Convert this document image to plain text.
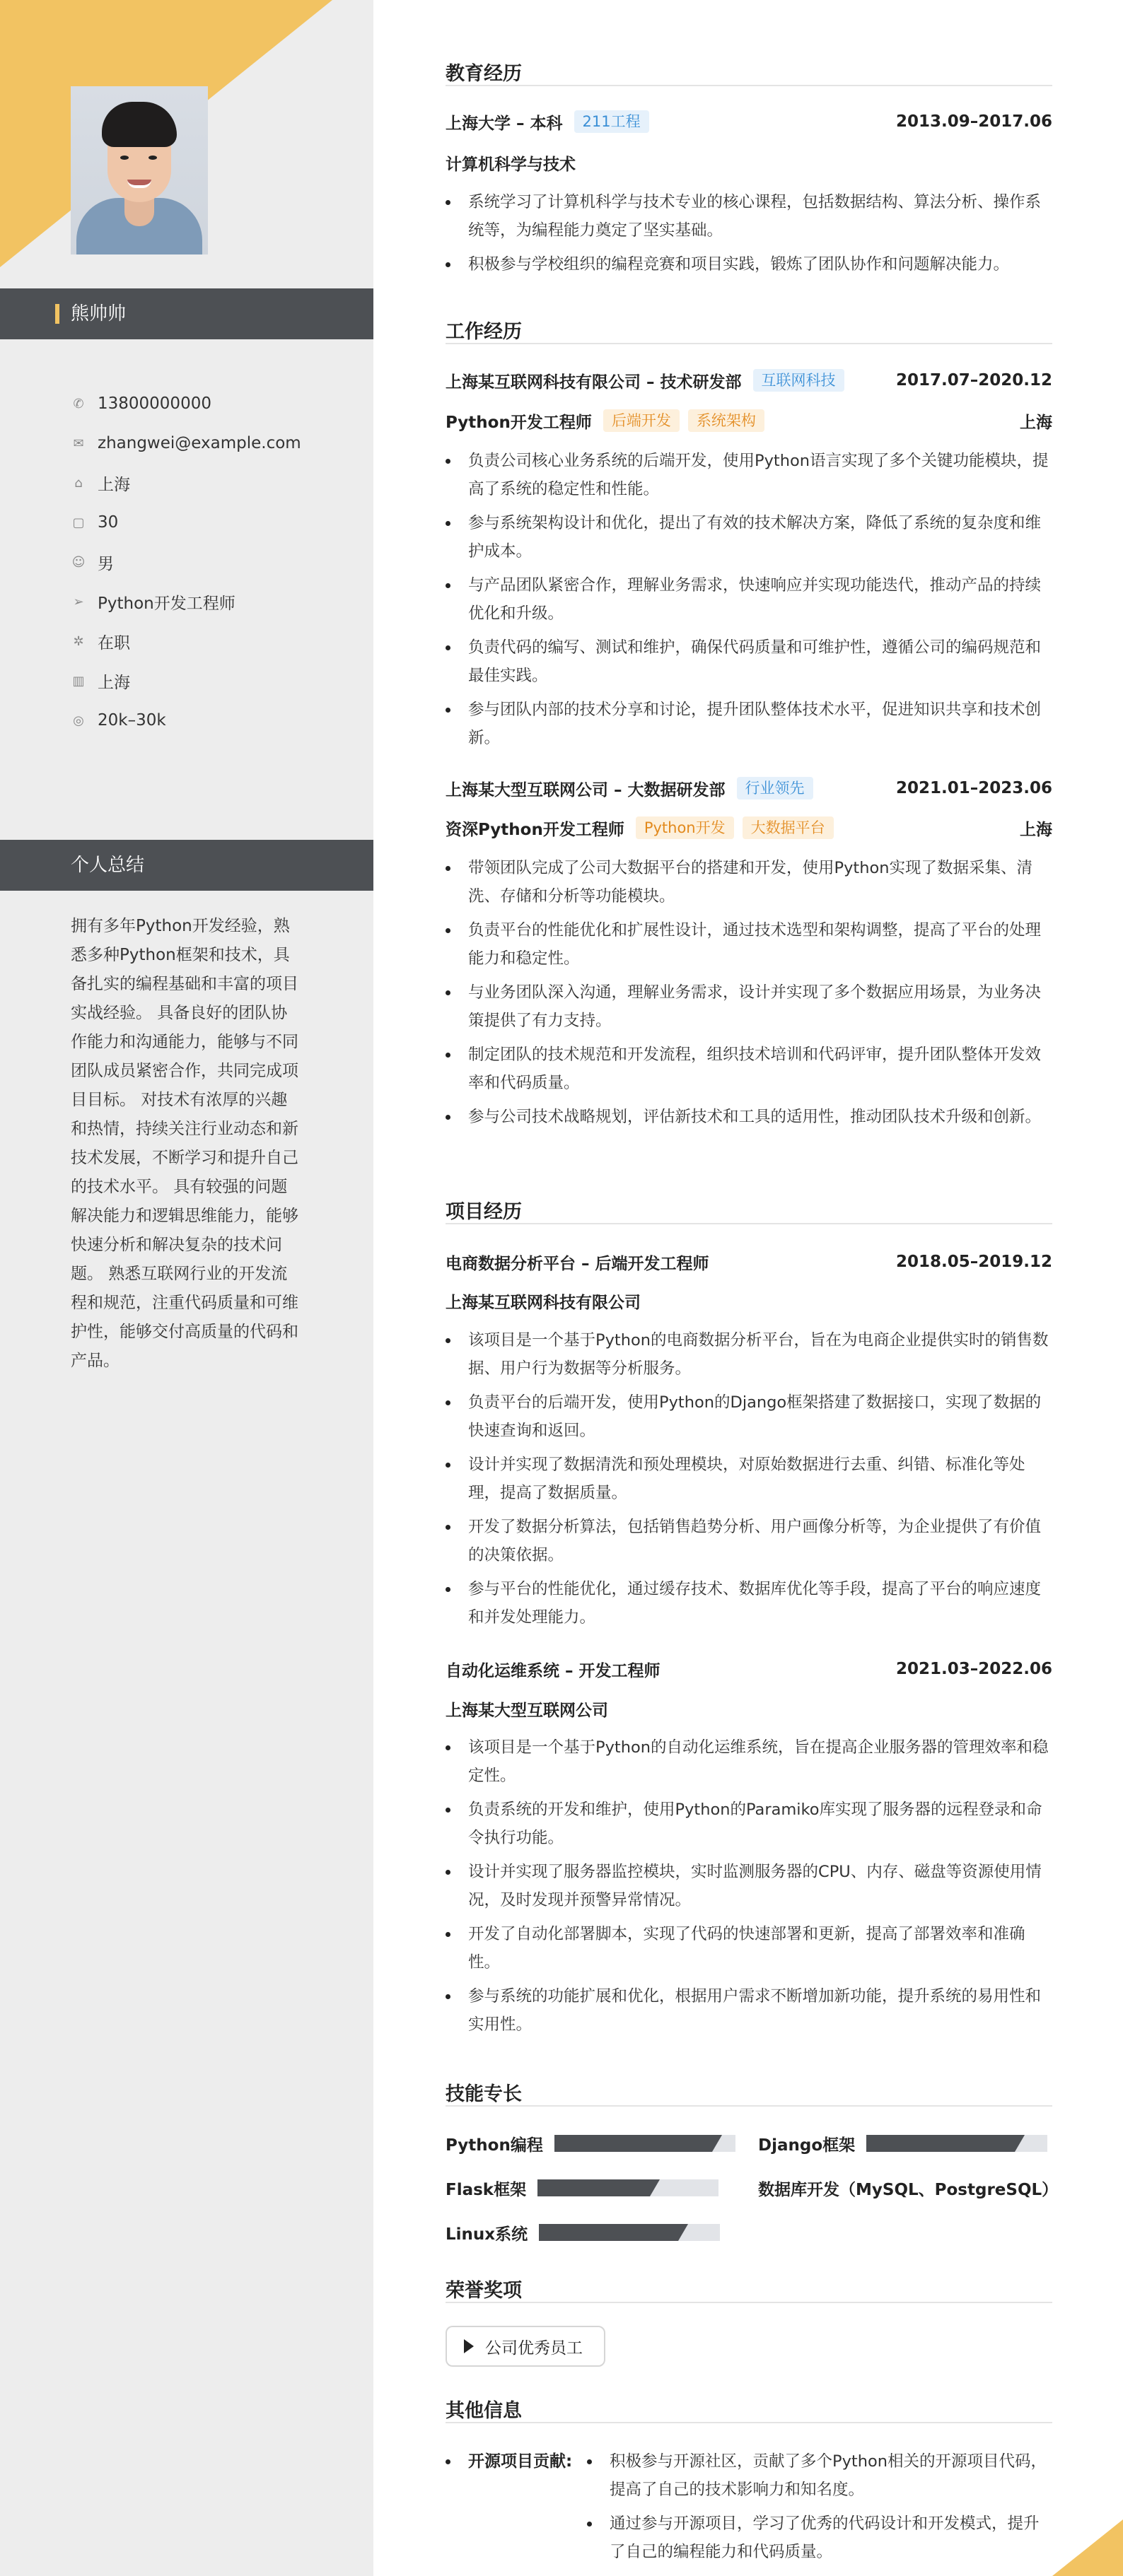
熊帅帅
✆ 13800000000
✉ zhangwei@example.com
⌂ 上海
▢ 30
☺ 男
➢ Python开发工程师
✲ 在职
▥ 上海
◎ 20k–30k
个人总结
拥有多年Python开发经验，熟悉多种Python框架和技术，具备扎实的编程基础和丰富的项目实战经验。 具备良好的团队协作能力和沟通能力，能够与不同团队成员紧密合作，共同完成项目目标。 对技术有浓厚的兴趣和热情，持续关注行业动态和新技术发展，不断学习和提升自己的技术水平。 具有较强的问题解决能力和逻辑思维能力，能够快速分析和解决复杂的技术问题。 熟悉互联网行业的开发流程和规范，注重代码质量和可维护性，能够交付高质量的代码和产品。
教育经历
上海大学 – 本科	211工程	2013.09–2017.06
计算机科学与技术
系统学习了计算机科学与技术专业的核心课程，包括数据结构、算法分析、操作系统等，为编程能力奠定了坚实基础。
积极参与学校组织的编程竞赛和项目实践，锻炼了团队协作和问题解决能力。
工作经历
上海某互联网科技有限公司 – 技术研发部	互联网科技	2017.07–2020.12
Python开发工程师	后端开发	系统架构	上海
负责公司核心业务系统的后端开发，使用Python语言实现了多个关键功能模块，提高了系统的稳定性和性能。
参与系统架构设计和优化，提出了有效的技术解决方案，降低了系统的复杂度和维护成本。
与产品团队紧密合作，理解业务需求，快速响应并实现功能迭代，推动产品的持续优化和升级。
负责代码的编写、测试和维护，确保代码质量和可维护性，遵循公司的编码规范和最佳实践。
参与团队内部的技术分享和讨论，提升团队整体技术水平，促进知识共享和技术创新。
上海某大型互联网公司 – 大数据研发部	行业领先	2021.01–2023.06
资深Python开发工程师	Python开发	大数据平台	上海
带领团队完成了公司大数据平台的搭建和开发，使用Python实现了数据采集、清洗、存储和分析等功能模块。
负责平台的性能优化和扩展性设计，通过技术选型和架构调整，提高了平台的处理能力和稳定性。
与业务团队深入沟通，理解业务需求，设计并实现了多个数据应用场景，为业务决策提供了有力支持。
制定团队的技术规范和开发流程，组织技术培训和代码评审，提升团队整体开发效率和代码质量。
参与公司技术战略规划，评估新技术和工具的适用性，推动团队技术升级和创新。
项目经历
电商数据分析平台 – 后端开发工程师	2018.05–2019.12
上海某互联网科技有限公司
该项目是一个基于Python的电商数据分析平台，旨在为电商企业提供实时的销售数据、用户行为数据等分析服务。
负责平台的后端开发，使用Python的Django框架搭建了数据接口，实现了数据的快速查询和返回。
设计并实现了数据清洗和预处理模块，对原始数据进行去重、纠错、标准化等处理，提高了数据质量。
开发了数据分析算法，包括销售趋势分析、用户画像分析等，为企业提供了有价值的决策依据。
参与平台的性能优化，通过缓存技术、数据库优化等手段，提高了平台的响应速度和并发处理能力。
自动化运维系统 – 开发工程师	2021.03–2022.06
上海某大型互联网公司
该项目是一个基于Python的自动化运维系统，旨在提高企业服务器的管理效率和稳定性。
负责系统的开发和维护，使用Python的Paramiko库实现了服务器的远程登录和命令执行功能。
设计并实现了服务器监控模块，实时监测服务器的CPU、内存、磁盘等资源使用情况，及时发现并预警异常情况。
开发了自动化部署脚本，实现了代码的快速部署和更新，提高了部署效率和准确性。
参与系统的功能扩展和优化，根据用户需求不断增加新功能，提升系统的易用性和实用性。
技能专长
Python编程	Django框架
Flask框架	数据库开发（MySQL、PostgreSQL）
Linux系统
荣誉奖项
公司优秀员工
其他信息
开源项目贡献:	积极参与开源社区，贡献了多个Python相关的开源项目代码，提高了自己的技术影响力和知名度。
通过参与开源项目，学习了优秀的代码设计和开发模式，提升了自己的编程能力和代码质量。
